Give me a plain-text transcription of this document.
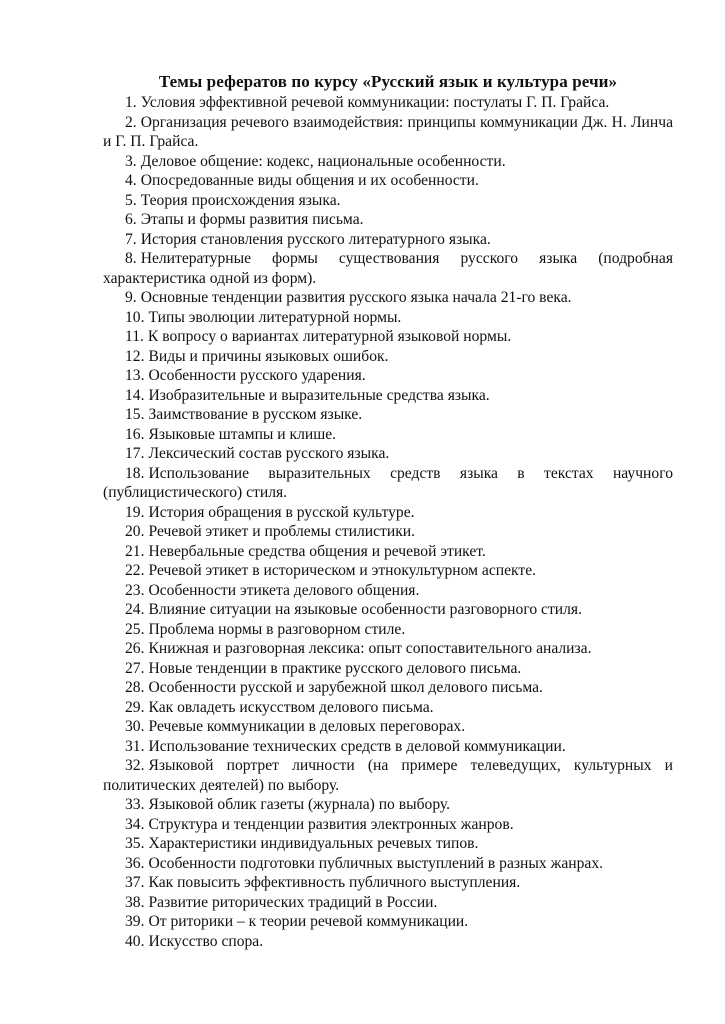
Темы рефератов по курсу «Русский язык и культура речи»
1. Условия эффективной речевой коммуникации: постулаты Г. П. Грайса.
2. Организация речевого взаимодействия: принципы коммуникации Дж. Н. Линча и Г. П. Грайса.
3. Деловое общение: кодекс, национальные особенности.
4. Опосредованные виды общения и их особенности.
5. Теория происхождения языка.
6. Этапы и формы развития письма.
7. История становления русского литературного языка.
8. Нелитературные формы существования русского языка (подробная характеристика одной из форм).
9. Основные тенденции развития русского языка начала 21-го века.
10. Типы эволюции литературной нормы.
11. К вопросу о вариантах литературной языковой нормы.
12. Виды и причины языковых ошибок.
13. Особенности русского ударения.
14. Изобразительные и выразительные средства языка.
15. Заимствование в русском языке.
16. Языковые штампы и клише.
17. Лексический состав русского языка.
18. Использование выразительных средств языка в текстах научного (публицистического) стиля.
19. История обращения в русской культуре.
20. Речевой этикет и проблемы стилистики.
21. Невербальные средства общения и речевой этикет.
22. Речевой этикет в историческом и этнокультурном аспекте.
23. Особенности этикета делового общения.
24. Влияние ситуации на языковые особенности разговорного стиля.
25. Проблема нормы в разговорном стиле.
26. Книжная и разговорная лексика: опыт сопоставительного анализа.
27. Новые тенденции в практике русского делового письма.
28. Особенности русской и зарубежной школ делового письма.
29. Как овладеть искусством делового письма.
30. Речевые коммуникации в деловых переговорах.
31. Использование технических средств в деловой коммуникации.
32. Языковой портрет личности (на примере телеведущих, культурных и политических деятелей) по выбору.
33. Языковой облик газеты (журнала) по выбору.
34. Структура и тенденции развития электронных жанров.
35. Характеристики индивидуальных речевых типов.
36. Особенности подготовки публичных выступлений в разных жанрах.
37. Как повысить эффективность публичного выступления.
38. Развитие риторических традиций в России.
39. От риторики – к теории речевой коммуникации.
40. Искусство спора.
